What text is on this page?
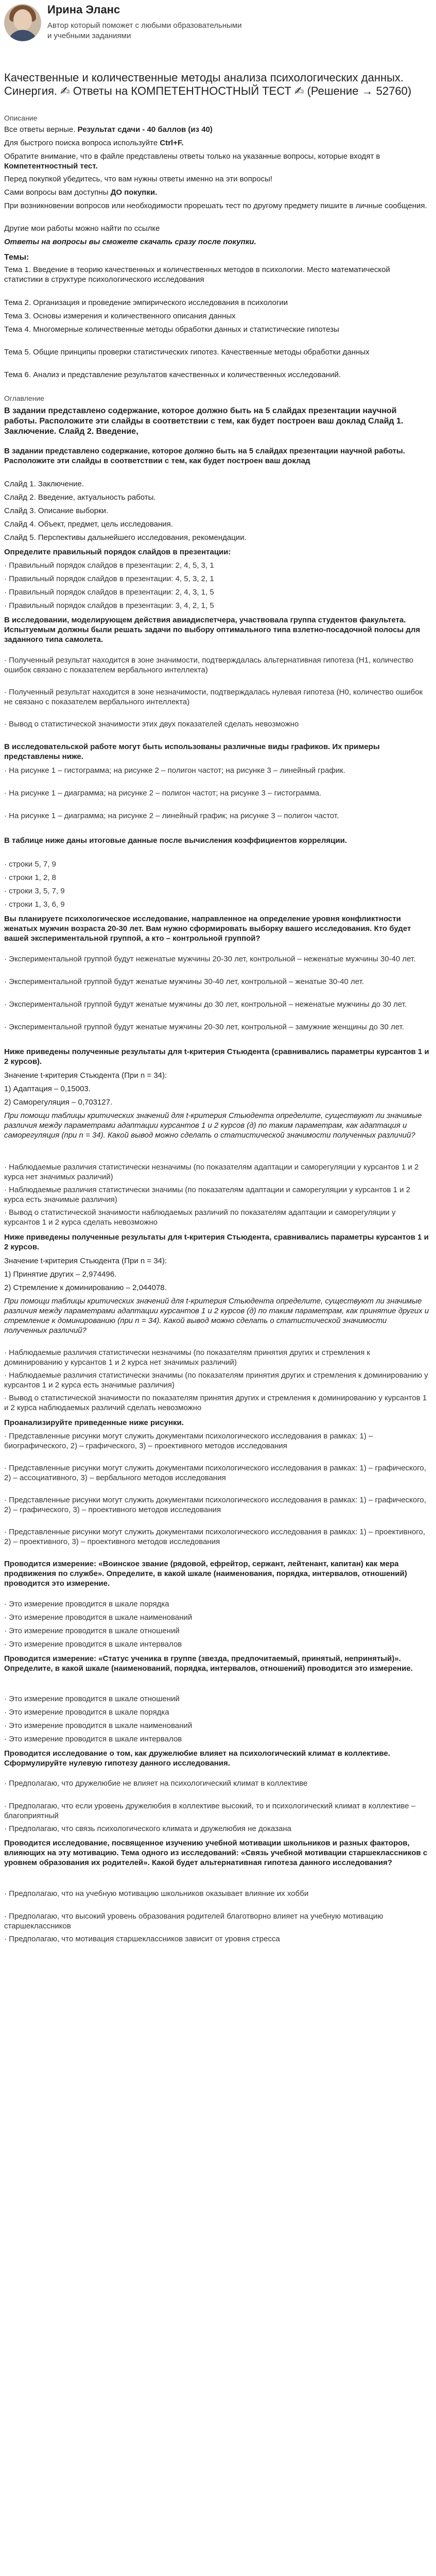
Ирина Эланс
Автор который поможет с любыми образовательными и учебными заданиями
Качественные и количественные методы анализа психологических данных. Синергия. ✍ Ответы на КОМПЕТЕНТНОСТНЫЙ ТЕСТ ✍ (Решение → 52760)
Описание
Все ответы верные. Результат сдачи - 40 баллов (из 40)
Для быстрого поиска вопроса используйте Ctrl+F.
Обратите внимание, что в файле представлены ответы только на указанные вопросы, которые входят в Компетентностный тест.
Перед покупкой убедитесь, что вам нужны ответы именно на эти вопросы!
Сами вопросы вам доступны ДО покупки.
При возникновении вопросов или необходимости прорешать тест по другому предмету пишите в личные сообщения.
Другие мои работы можно найти по ссылке
Ответы на вопросы вы сможете скачать сразу после покупки.
Темы:
Тема 1. Введение в теорию качественных и количественных методов в психологии. Место математической статистики в структуре психологического исследования
Тема 2. Организация и проведение эмпирического исследования в психологии
Тема 3. Основы измерения и количественного описания данных
Тема 4. Многомерные количественные методы обработки данных и статистические гипотезы
Тема 5. Общие принципы проверки статистических гипотез. Качественные методы обработки данных
Тема 6. Анализ и представление результатов качественных и количественных исследований.
Оглавление
В задании представлено содержание, которое должно быть на 5 слайдах презентации научной работы. Расположите эти слайды в соответствии с тем, как будет построен ваш доклад Слайд 1. Заключение. Слайд 2. Введение,
В задании представлено содержание, которое должно быть на 5 слайдах презентации научной работы. Расположите эти слайды в соответствии с тем, как будет построен ваш доклад
Слайд 1. Заключение.
Слайд 2. Введение, актуальность работы.
Слайд 3. Описание выборки.
Слайд 4. Объект, предмет, цель исследования.
Слайд 5. Перспективы дальнейшего исследования, рекомендации.
Определите правильный порядок слайдов в презентации:
· Правильный порядок слайдов в презентации: 2, 4, 5, 3, 1
· Правильный порядок слайдов в презентации: 4, 5, 3, 2, 1
· Правильный порядок слайдов в презентации: 2, 4, 3, 1, 5
· Правильный порядок слайдов в презентации: 3, 4, 2, 1, 5
В исследовании, моделирующем действия авиадиспетчера, участвовала группа студентов факультета. Испытуемым должны были решать задачи по выбору оптимального типа взлетно-посадочной полосы для заданного типа самолета.
· Полученный результат находится в зоне значимости, подтверждалась альтернативная гипотеза (Н1, количество ошибок связано с показателем вербального интеллекта)
· Полученный результат находится в зоне незначимости, подтверждалась нулевая гипотеза (Н0, количество ошибок не связано с показателем вербального интеллекта)
· Вывод о статистической значимости этих двух показателей сделать невозможно
В исследовательской работе могут быть использованы различные виды графиков. Их примеры представлены ниже.
· На рисунке 1 – гистограмма; на рисунке 2 – полигон частот; на рисунке 3 – линейный график.
· На рисунке 1 – диаграмма; на рисунке 2 – полигон частот; на рисунке 3 – гистограмма.
· На рисунке 1 – диаграмма; на рисунке 2 – линейный график; на рисунке 3 – полигон частот.
В таблице ниже даны итоговые данные после вычисления коэффициентов корреляции.
· строки 5, 7, 9
· строки 1, 2, 8
· строки 3, 5, 7, 9
· строки 1, 3, 6, 9
Вы планируете психологическое исследование, направленное на определение уровня конфликтности женатых мужчин возраста 20-30 лет. Вам нужно сформировать выборку вашего исследования. Кто будет вашей экспериментальной группой, а кто – контрольной группой?
· Экспериментальной группой будут неженатые мужчины 20-30 лет, контрольной – неженатые мужчины 30-40 лет.
· Экспериментальной группой будут женатые мужчины 30-40 лет, контрольной – женатые 30-40 лет.
· Экспериментальной группой будут женатые мужчины до 30 лет, контрольной – неженатые мужчины до 30 лет.
· Экспериментальной группой будут женатые мужчины 20-30 лет, контрольной – замужние женщины до 30 лет.
Ниже приведены полученные результаты для t-критерия Стьюдента (сравнивались параметры курсантов 1 и 2 курсов).
Значение t-критерия Стьюдента (При n = 34):
1) Адаптация – 0,15003.
2) Саморегуляция – 0,703127.
При помощи таблицы критических значений для t-критерия Стьюдента определите, существуют ли значимые различия между параметрами адаптации курсантов 1 и 2 курсов (д) по таким параметрам, как адаптация и саморегуляция (при n = 34). Какой вывод можно сделать о статистической значимости полученных различий?
· Наблюдаемые различия статистически незначимы (по показателям адаптации и саморегуляции у курсантов 1 и 2 курса нет значимых различий)
· Наблюдаемые различия статистически значимы (по показателям адаптации и саморегуляции у курсантов 1 и 2 курса есть значимые различия)
· Вывод о статистической значимости наблюдаемых различий по показателям адаптации и саморегуляции у курсантов 1 и 2 курса сделать невозможно
Ниже приведены полученные результаты для t-критерия Стьюдента, сравнивались параметры курсантов 1 и 2 курсов.
Значение t-критерия Стьюдента (При n = 34):
1) Принятие других – 2,974496.
2) Стремление к доминированию – 2,044078.
При помощи таблицы критических значений для t-критерия Стьюдента определите, существуют ли значимые различия между параметрами адаптации курсантов 1 и 2 курсов (д) по таким параметрам, как принятие других и стремление к доминированию (при n = 34). Какой вывод можно сделать о статистической значимости полученных различий?
· Наблюдаемые различия статистически незначимы (по показателям принятия других и стремления к доминированию у курсантов 1 и 2 курса нет значимых различий)
· Наблюдаемые различия статистически значимы (по показателям принятия других и стремления к доминированию у курсантов 1 и 2 курса есть значимые различия)
· Вывод о статистической значимости по показателям принятия других и стремления к доминированию у курсантов 1 и 2 курса наблюдаемых различий сделать невозможно
Проанализируйте приведенные ниже рисунки.
· Представленные рисунки могут служить документами психологического исследования в рамках: 1) – биографического, 2) – графического, 3) – проективного методов исследования
· Представленные рисунки могут служить документами психологического исследования в рамках: 1) – графического, 2) – ассоциативного, 3) – вербального методов исследования
· Представленные рисунки могут служить документами психологического исследования в рамках: 1) – графического, 2) – графического, 3) – проективного методов исследования
· Представленные рисунки могут служить документами психологического исследования в рамках: 1) – проективного, 2) – проективного, 3) – проективного методов исследования
Проводится измерение: «Воинское звание (рядовой, ефрейтор, сержант, лейтенант, капитан) как мера продвижения по службе». Определите, в какой шкале (наименования, порядка, интервалов, отношений) проводится это измерение.
· Это измерение проводится в шкале порядка
· Это измерение проводится в шкале наименований
· Это измерение проводится в шкале отношений
· Это измерение проводится в шкале интервалов
Проводится измерение: «Статус ученика в группе (звезда, предпочитаемый, принятый, непринятый)». Определите, в какой шкале (наименований, порядка, интервалов, отношений) проводится это измерение.
· Это измерение проводится в шкале отношений
· Это измерение проводится в шкале порядка
· Это измерение проводится в шкале наименований
· Это измерение проводится в шкале интервалов
Проводится исследование о том, как дружелюбие влияет на психологический климат в коллективе. Сформулируйте нулевую гипотезу данного исследования.
· Предполагаю, что дружелюбие не влияет на психологический климат в коллективе
· Предполагаю, что если уровень дружелюбия в коллективе высокий, то и психологический климат в коллективе – благоприятный
· Предполагаю, что связь психологического климата и дружелюбия не доказана
Проводится исследование, посвященное изучению учебной мотивации школьников и разных факторов, влияющих на эту мотивацию. Тема одного из исследований: «Связь учебной мотивации старшеклассников с уровнем образования их родителей». Какой будет альтернативная гипотеза данного исследования?
· Предполагаю, что на учебную мотивацию школьников оказывает влияние их хобби
· Предполагаю, что высокий уровень образования родителей благотворно влияет на учебную мотивацию старшеклассников
· Предполагаю, что мотивация старшеклассников зависит от уровня стресса
